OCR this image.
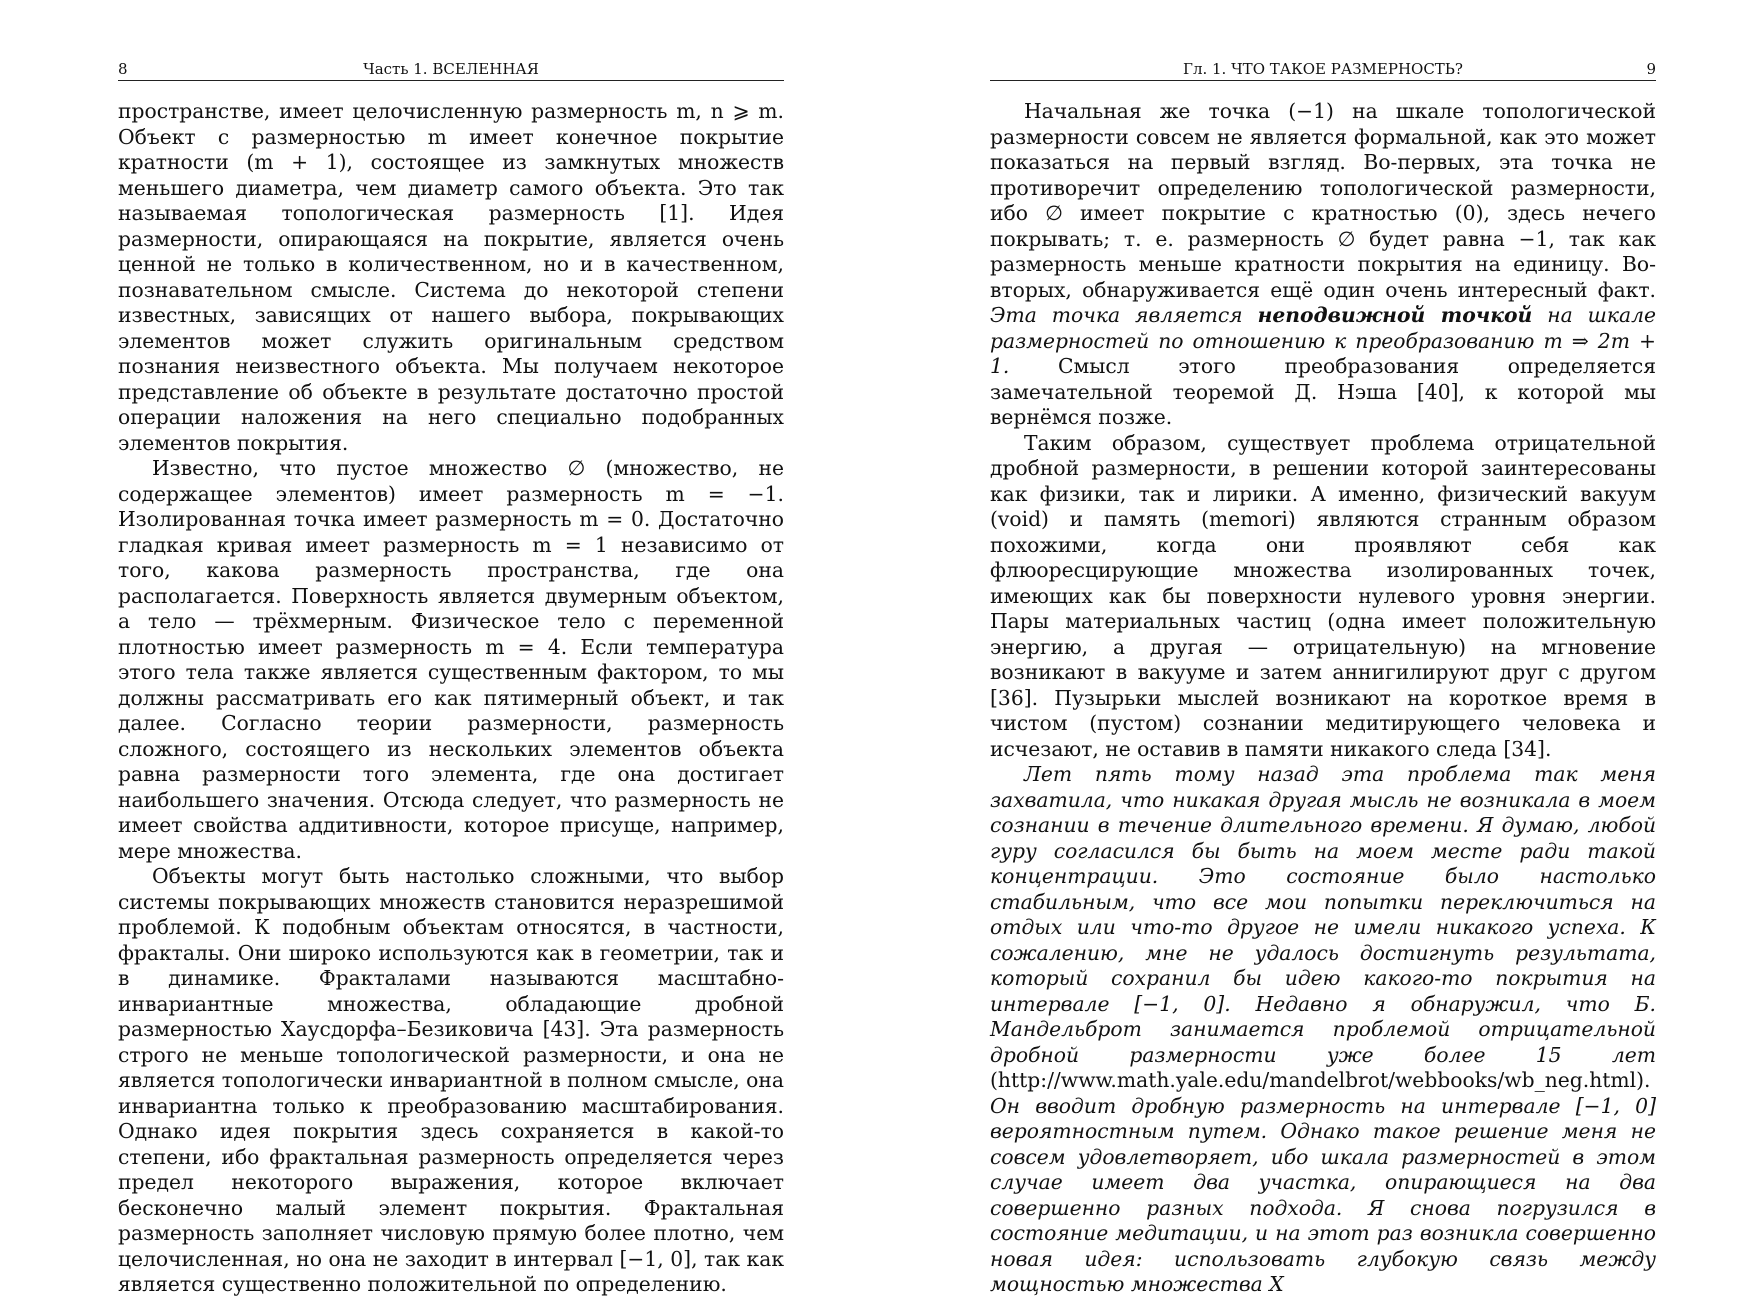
8	Часть 1. ВСЕЛЕННАЯ

пространстве, имеет целочисленную размерность m, n ⩾ m. Объект с размерностью m имеет конечное покрытие кратности (m + 1), состоящее из замкнутых множеств меньшего диаметра, чем диаметр самого объекта. Это так называемая топологическая размерность [1]. Идея размерности, опирающаяся на покрытие, является очень ценной не только в количественном, но и в качественном, познавательном смысле. Система до некоторой степени известных, зависящих от нашего выбора, покрывающих элементов может служить оригинальным средством познания неизвестного объекта. Мы получаем некоторое представление об объекте в результате достаточно простой операции наложения на него специально подобранных элементов покрытия.

Известно, что пустое множество ∅ (множество, не содержащее элементов) имеет размерность m = −1. Изолированная точка имеет размерность m = 0. Достаточно гладкая кривая имеет размерность m = 1 независимо от того, какова размерность пространства, где она располагается. Поверхность является двумерным объектом, а тело — трёхмерным. Физическое тело с переменной плотностью имеет размерность m = 4. Если температура этого тела также является существенным фактором, то мы должны рассматривать его как пятимерный объект, и так далее. Согласно теории размерности, размерность сложного, состоящего из нескольких элементов объекта равна размерности того элемента, где она достигает наибольшего значения. Отсюда следует, что размерность не имеет свойства аддитивности, которое присуще, например, мере множества.

Объекты могут быть настолько сложными, что выбор системы покрывающих множеств становится неразрешимой проблемой. К подобным объектам относятся, в частности, фракталы. Они широко используются как в геометрии, так и в динамике. Фракталами называются масштабно-инвариантные множества, обладающие дробной размерностью Хаусдорфа–Безиковича [43]. Эта размерность строго не меньше топологической размерности, и она не является топологически инвариантной в полном смысле, она инвариантна только к преобразованию масштабирования. Однако идея покрытия здесь сохраняется в какой-то степени, ибо фрактальная размерность определяется через предел некоторого выражения, которое включает бесконечно малый элемент покрытия. Фрактальная размерность заполняет числовую прямую более плотно, чем целочисленная, но она не заходит в интервал [−1, 0], так как является существенно положительной по определению.

Гл. 1. ЧТО ТАКОЕ РАЗМЕРНОСТЬ?	9

Начальная же точка (−1) на шкале топологической размерности совсем не является формальной, как это может показаться на первый взгляд. Во-первых, эта точка не противоречит определению топологической размерности, ибо ∅ имеет покрытие с кратностью (0), здесь нечего покрывать; т. е. размерность ∅ будет равна −1, так как размерность меньше кратности покрытия на единицу. Во-вторых, обнаруживается ещё один очень интересный факт. Эта точка является неподвижной точкой на шкале размерностей по отношению к преобразованию m ⇒ 2m + 1. Смысл этого преобразования определяется замечательной теоремой Д. Нэша [40], к которой мы вернёмся позже.

Таким образом, существует проблема отрицательной дробной размерности, в решении которой заинтересованы как физики, так и лирики. А именно, физический вакуум (void) и память (memori) являются странным образом похожими, когда они проявляют себя как флюоресцирующие множества изолированных точек, имеющих как бы поверхности нулевого уровня энергии. Пары материальных частиц (одна имеет положительную энергию, а другая — отрицательную) на мгновение возникают в вакууме и затем аннигилируют друг с другом [36]. Пузырьки мыслей возникают на короткое время в чистом (пустом) сознании медитирующего человека и исчезают, не оставив в памяти никакого следа [34].

Лет пять тому назад эта проблема так меня захватила, что никакая другая мысль не возникала в моем сознании в течение длительного времени. Я думаю, любой гуру согласился бы быть на моем месте ради такой концентрации. Это состояние было настолько стабильным, что все мои попытки переключиться на отдых или что-то другое не имели никакого успеха. К сожалению, мне не удалось достигнуть результата, который сохранил бы идею какого-то покрытия на интервале [−1, 0]. Недавно я обнаружил, что Б. Мандельброт занимается проблемой отрицательной дробной размерности уже более 15 лет (http://www.math.yale.edu/mandelbrot/webbooks/wb_neg.html). Он вводит дробную размерность на интервале [−1, 0] вероятностным путем. Однако такое решение меня не совсем удовлетворяет, ибо шкала размерностей в этом случае имеет два участка, опирающиеся на два совершенно разных подхода. Я снова погрузился в состояние медитации, и на этот раз возникла совершенно новая идея: использовать глубокую связь между мощностью множества X
